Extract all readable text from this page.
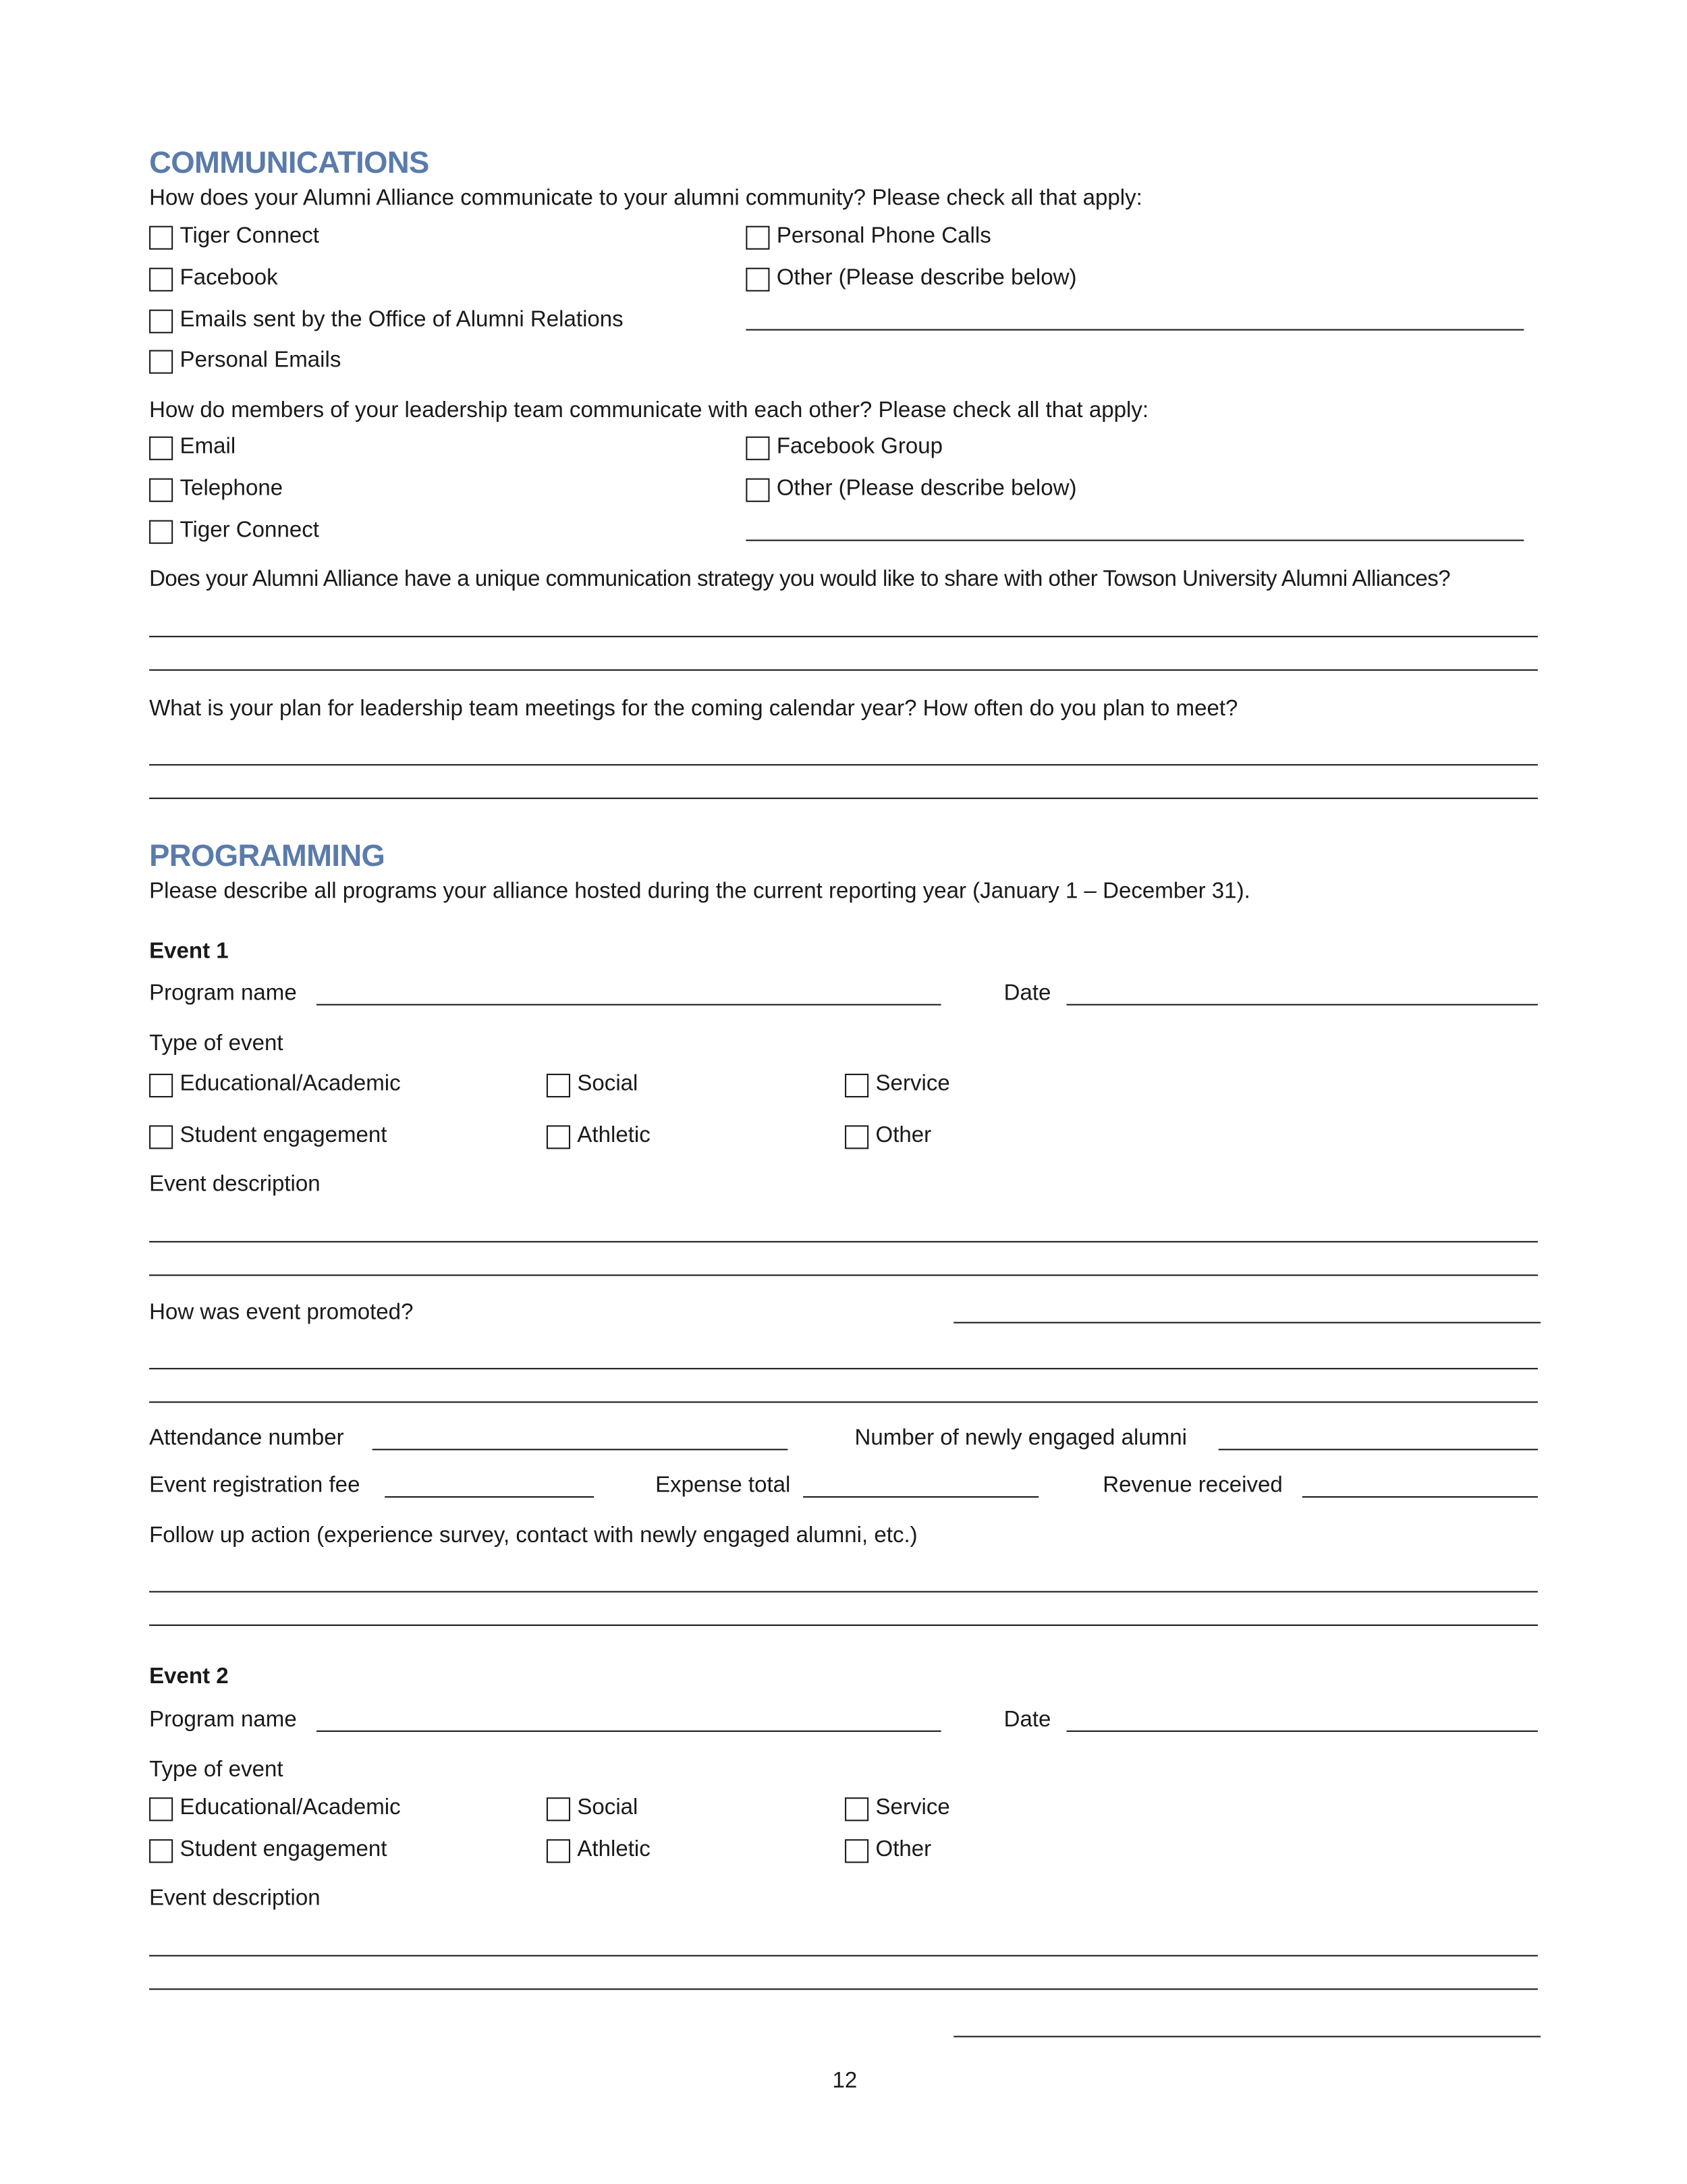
COMMUNICATIONS
How does your Alumni Alliance communicate to your alumni community? Please check all that apply:
Tiger Connect
Facebook
Emails sent by the Office of Alumni Relations
Personal Emails
Personal Phone Calls
Other (Please describe below)
How do members of your leadership team communicate with each other? Please check all that apply:
Email
Telephone
Tiger Connect
Facebook Group
Other (Please describe below)
Does your Alumni Alliance have a unique communication strategy you would like to share with other Towson University Alumni Alliances?
What is your plan for leadership team meetings for the coming calendar year? How often do you plan to meet?
PROGRAMMING
Please describe all programs your alliance hosted during the current reporting year (January 1 – December 31).
Event 1
Program name	Date
Type of event
Educational/Academic	Social	Service
Student engagement	Athletic	Other
Event description
How was event promoted?
Attendance number	Number of newly engaged alumni
Event registration fee	Expense total	Revenue received
Follow up action (experience survey, contact with newly engaged alumni, etc.)
Event 2
Program name	Date
Type of event
Educational/Academic	Social	Service
Student engagement	Athletic	Other
Event description
12
